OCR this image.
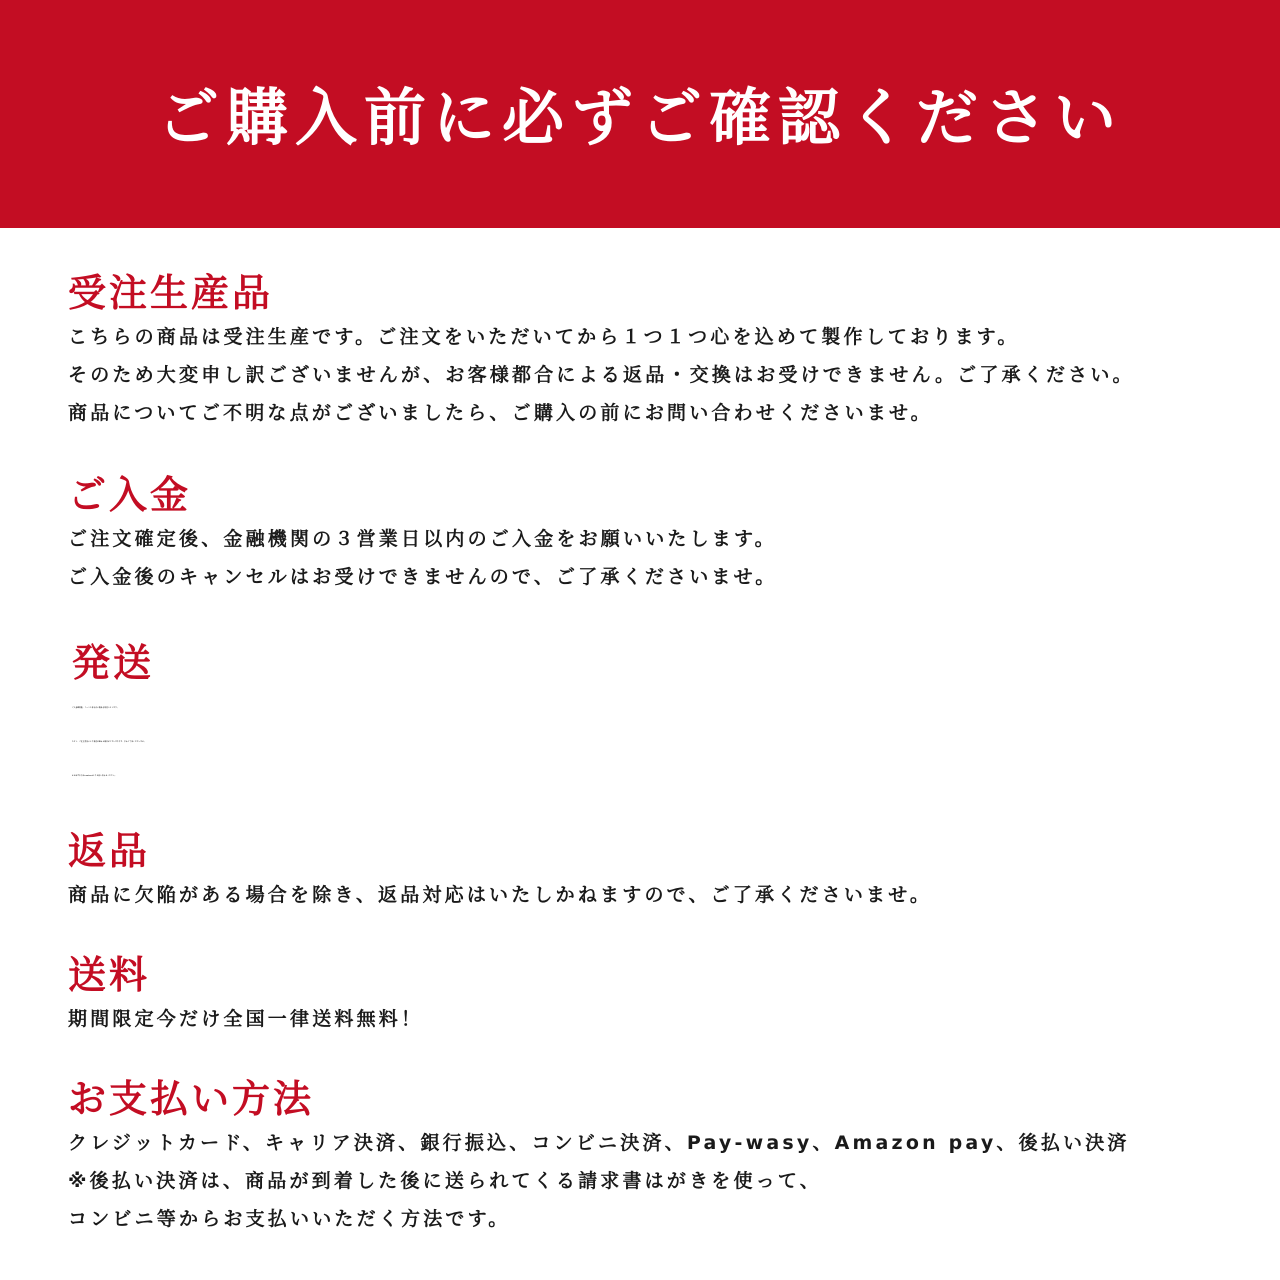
ご購入前に必ずご確認ください
受注生産品

こちらの商品は受注生産です。ご注文をいただいてから１つ１つ心を込めて製作しております。

そのため大変申し訳ございませんが、お客様都合による返品・交換はお受けできません。ご了承ください。

商品についてご不明な点がございましたら、ご購入の前にお問い合わせくださいませ。

ご入金

ご注文確定後、金融機関の３営業日以内のご入金をお願いいたします。

ご入金後のキャンセルはお受けできませんので、ご了承くださいませ。

発送

ご入金確認後、７～１０日以内に商品を発送いたします。

ただし、ご注文状況により発送が遅れる場合がございますので、予めご了承くださいませ。

※お急ぎの方はcontactよりお問い合わせください。

返品

商品に欠陥がある場合を除き、返品対応はいたしかねますので、ご了承くださいませ。

送料

期間限定今だけ全国一律送料無料！

お支払い方法

クレジットカード、キャリア決済、銀行振込、コンビニ決済、Pay-wasy、Amazon pay、後払い決済

※後払い決済は、商品が到着した後に送られてくる請求書はがきを使って、

コンビニ等からお支払いいただく方法です。
